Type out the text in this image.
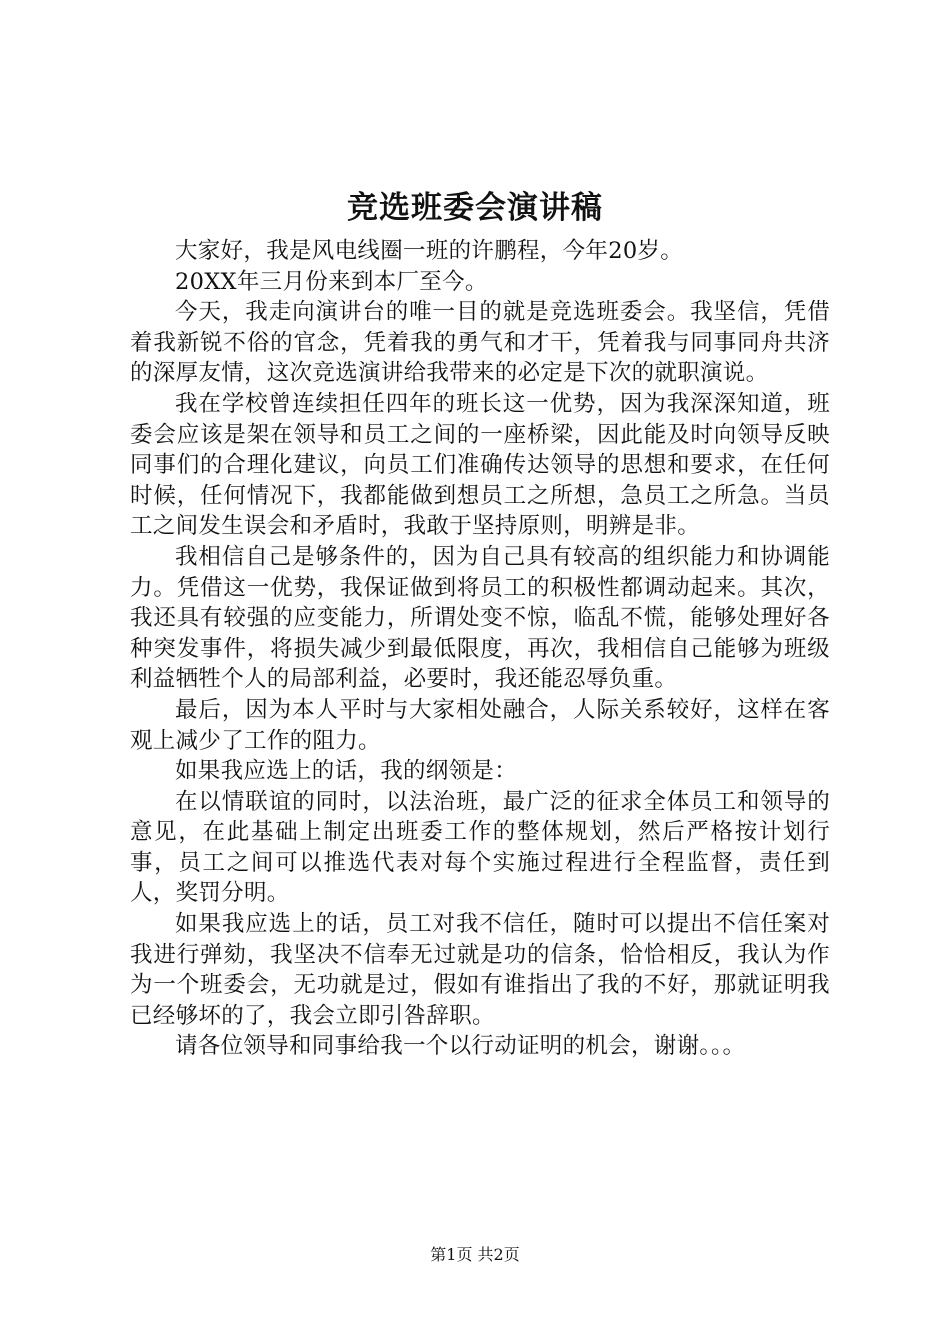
竞选班委会演讲稿

大家好，我是风电线圈一班的许鹏程，今年20岁。

20XX年三月份来到本厂至今。

今天，我走向演讲台的唯一目的就是竞选班委会。我坚信，凭借着我新锐不俗的官念，凭着我的勇气和才干，凭着我与同事同舟共济的深厚友情，这次竞选演讲给我带来的必定是下次的就职演说。

我在学校曾连续担任四年的班长这一优势，因为我深深知道，班委会应该是架在领导和员工之间的一座桥梁，因此能及时向领导反映同事们的合理化建议，向员工们准确传达领导的思想和要求，在任何时候，任何情况下，我都能做到想员工之所想，急员工之所急。当员工之间发生误会和矛盾时，我敢于坚持原则，明辨是非。

我相信自己是够条件的，因为自己具有较高的组织能力和协调能力。凭借这一优势，我保证做到将员工的积极性都调动起来。其次，我还具有较强的应变能力，所谓处变不惊，临乱不慌，能够处理好各种突发事件，将损失减少到最低限度，再次，我相信自己能够为班级利益牺牲个人的局部利益，必要时，我还能忍辱负重。

最后，因为本人平时与大家相处融合，人际关系较好，这样在客观上减少了工作的阻力。

如果我应选上的话，我的纲领是：

在以情联谊的同时，以法治班，最广泛的征求全体员工和领导的意见，在此基础上制定出班委工作的整体规划，然后严格按计划行事，员工之间可以推选代表对每个实施过程进行全程监督，责任到人，奖罚分明。

如果我应选上的话，员工对我不信任，随时可以提出不信任案对我进行弹劾，我坚决不信奉无过就是功的信条，恰恰相反，我认为作为一个班委会，无功就是过，假如有谁指出了我的不好，那就证明我已经够坏的了，我会立即引咎辞职。

请各位领导和同事给我一个以行动证明的机会，谢谢。。。

第1页 共2页
